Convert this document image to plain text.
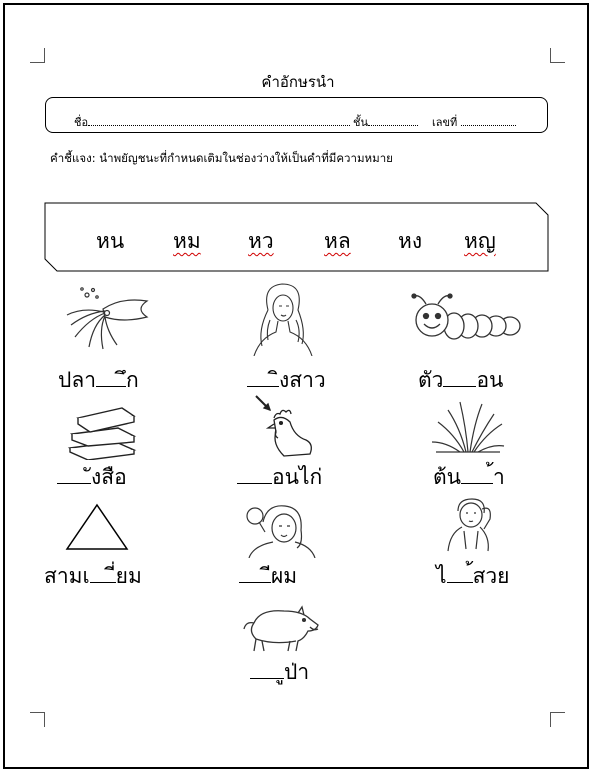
คำอักษรนำ
ชื่อ	ชั้น	เลขที่
คำชี้แจง: นำพยัญชนะที่กำหนดเติมในช่องว่างให้เป็นคำที่มีความหมาย
หน หม หว หล หง หญ
ปลา ึก	ิงสาว	ตัว อน
ังสือ	อนไก่	ต้น ้า
สามเ ี่ยม	ีผม	ไ ้สวย
ูป่า
